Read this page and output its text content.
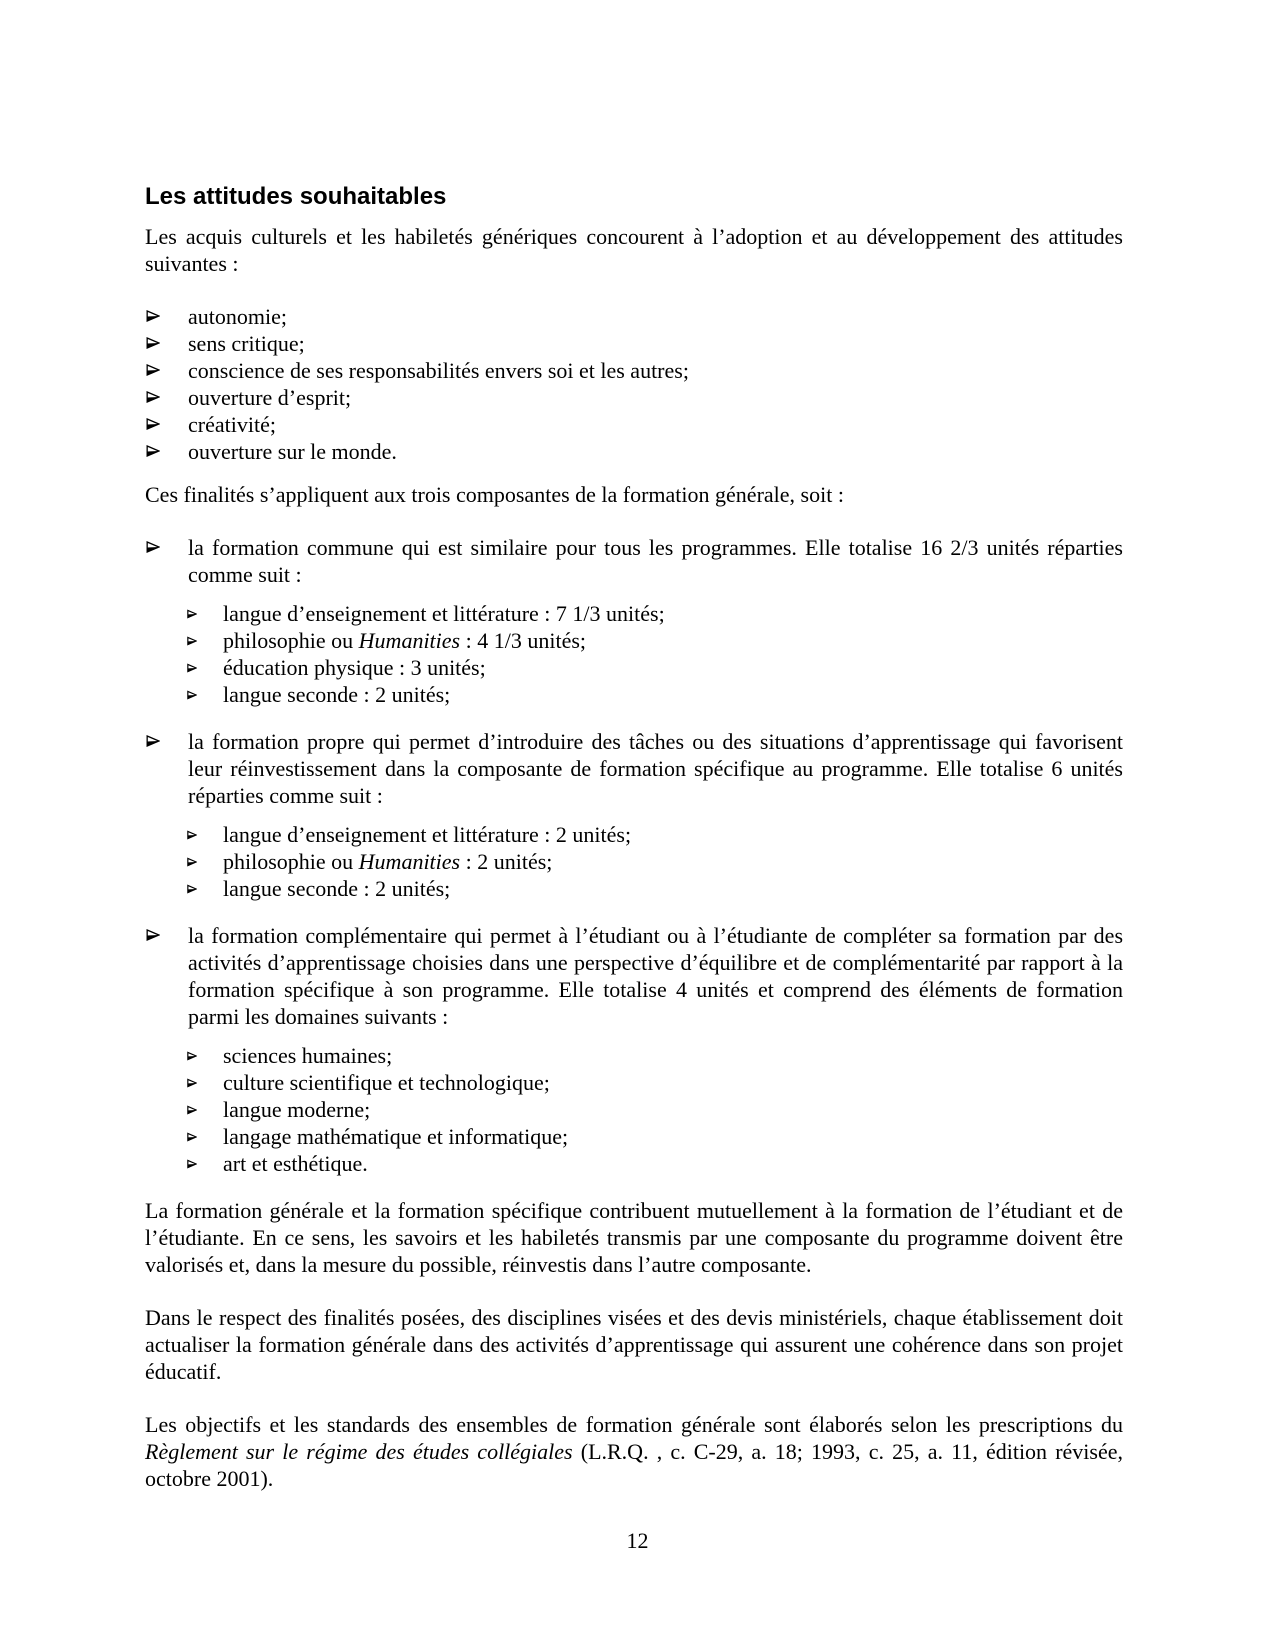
Les attitudes souhaitables

Les acquis culturels et les habiletés génériques concourent à l’adoption et au développement des attitudes suivantes :

autonomie;
sens critique;
conscience de ses responsabilités envers soi et les autres;
ouverture d’esprit;
créativité;
ouverture sur le monde.

Ces finalités s’appliquent aux trois composantes de la formation générale, soit :

la formation commune qui est similaire pour tous les programmes. Elle totalise 16 2/3 unités réparties comme suit :
langue d’enseignement et littérature : 7 1/3 unités;
philosophie ou Humanities : 4 1/3 unités;
éducation physique : 3 unités;
langue seconde : 2 unités;
la formation propre qui permet d’introduire des tâches ou des situations d’apprentissage qui favorisent leur réinvestissement dans la composante de formation spécifique au programme. Elle totalise 6 unités réparties comme suit :
langue d’enseignement et littérature : 2 unités;
philosophie ou Humanities : 2 unités;
langue seconde : 2 unités;
la formation complémentaire qui permet à l’étudiant ou à l’étudiante de compléter sa formation par des activités d’apprentissage choisies dans une perspective d’équilibre et de complémentarité par rapport à la formation spécifique à son programme. Elle totalise 4 unités et comprend des éléments de formation parmi les domaines suivants :
sciences humaines;
culture scientifique et technologique;
langue moderne;
langage mathématique et informatique;
art et esthétique.

La formation générale et la formation spécifique contribuent mutuellement à la formation de l’étudiant et de l’étudiante. En ce sens, les savoirs et les habiletés transmis par une composante du programme doivent être valorisés et, dans la mesure du possible, réinvestis dans l’autre composante.

Dans le respect des finalités posées, des disciplines visées et des devis ministériels, chaque établissement doit actualiser la formation générale dans des activités d’apprentissage qui assurent une cohérence dans son projet éducatif.

Les objectifs et les standards des ensembles de formation générale sont élaborés selon les prescriptions du Règlement sur le régime des études collégiales (L.R.Q. , c. C-29, a. 18; 1993, c. 25, a. 11, édition révisée, octobre 2001).

12
